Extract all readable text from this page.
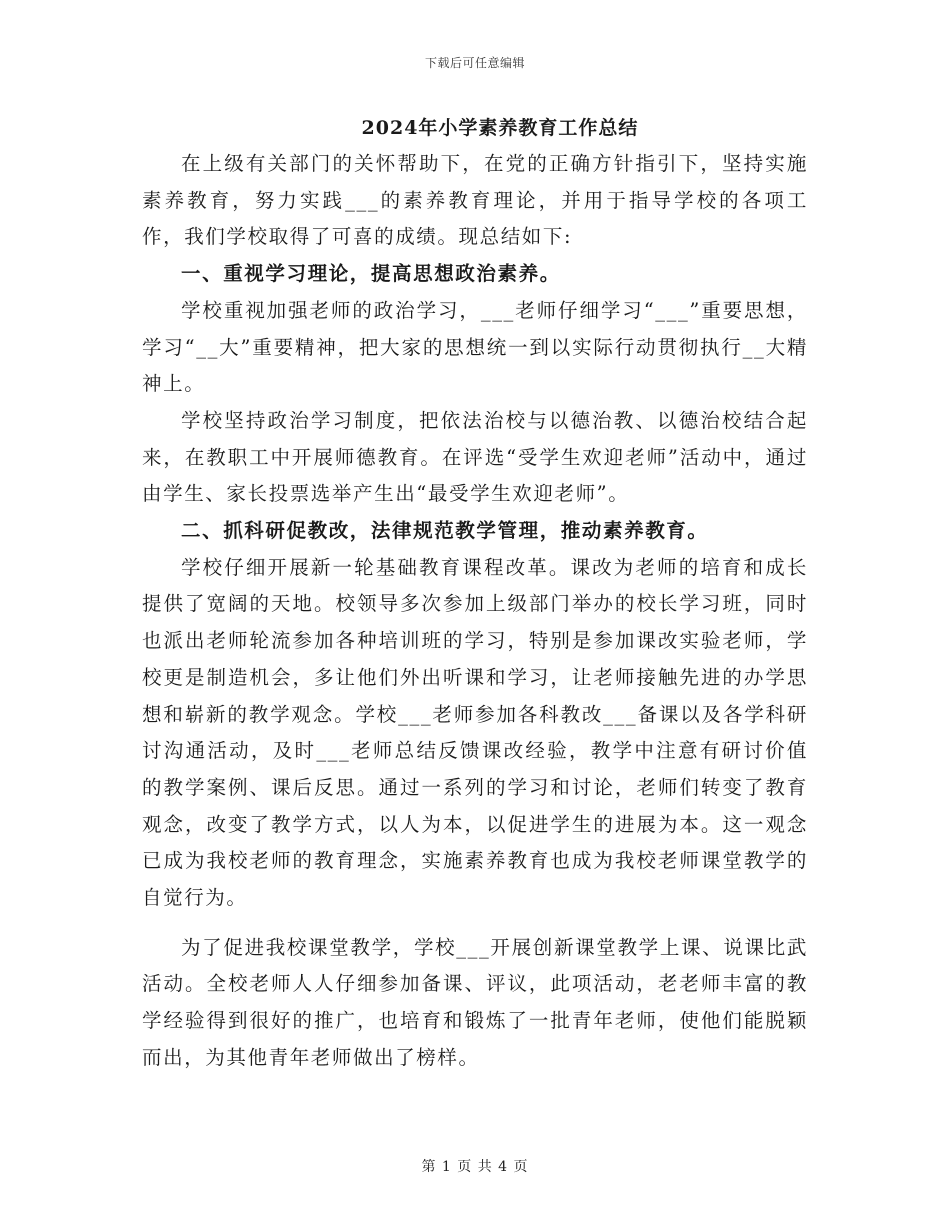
下载后可任意编辑
2024年小学素养教育工作总结

在上级有关部门的关怀帮助下，在党的正确方针指引下，坚持实施素养教育，努力实践___的素养教育理论，并用于指导学校的各项工作，我们学校取得了可喜的成绩。现总结如下:

一、重视学习理论，提高思想政治素养。

学校重视加强老师的政治学习，___老师仔细学习“___”重要思想，学习“__大”重要精神，把大家的思想统一到以实际行动贯彻执行__大精神上。

学校坚持政治学习制度，把依法治校与以德治教、以德治校结合起来，在教职工中开展师德教育。在评选“受学生欢迎老师”活动中，通过由学生、家长投票选举产生出“最受学生欢迎老师”。

二、抓科研促教改，法律规范教学管理，推动素养教育。

学校仔细开展新一轮基础教育课程改革。课改为老师的培育和成长提供了宽阔的天地。校领导多次参加上级部门举办的校长学习班，同时也派出老师轮流参加各种培训班的学习，特别是参加课改实验老师，学校更是制造机会，多让他们外出听课和学习，让老师接触先进的办学思想和崭新的教学观念。学校___老师参加各科教改___备课以及各学科研讨沟通活动，及时___老师总结反馈课改经验，教学中注意有研讨价值的教学案例、课后反思。通过一系列的学习和讨论，老师们转变了教育观念，改变了教学方式，以人为本，以促进学生的进展为本。这一观念已成为我校老师的教育理念，实施素养教育也成为我校老师课堂教学的自觉行为。

为了促进我校课堂教学，学校___开展创新课堂教学上课、说课比武活动。全校老师人人仔细参加备课、评议，此项活动，老老师丰富的教学经验得到很好的推广，也培育和锻炼了一批青年老师，使他们能脱颖而出，为其他青年老师做出了榜样。

第 1 页 共 4 页
